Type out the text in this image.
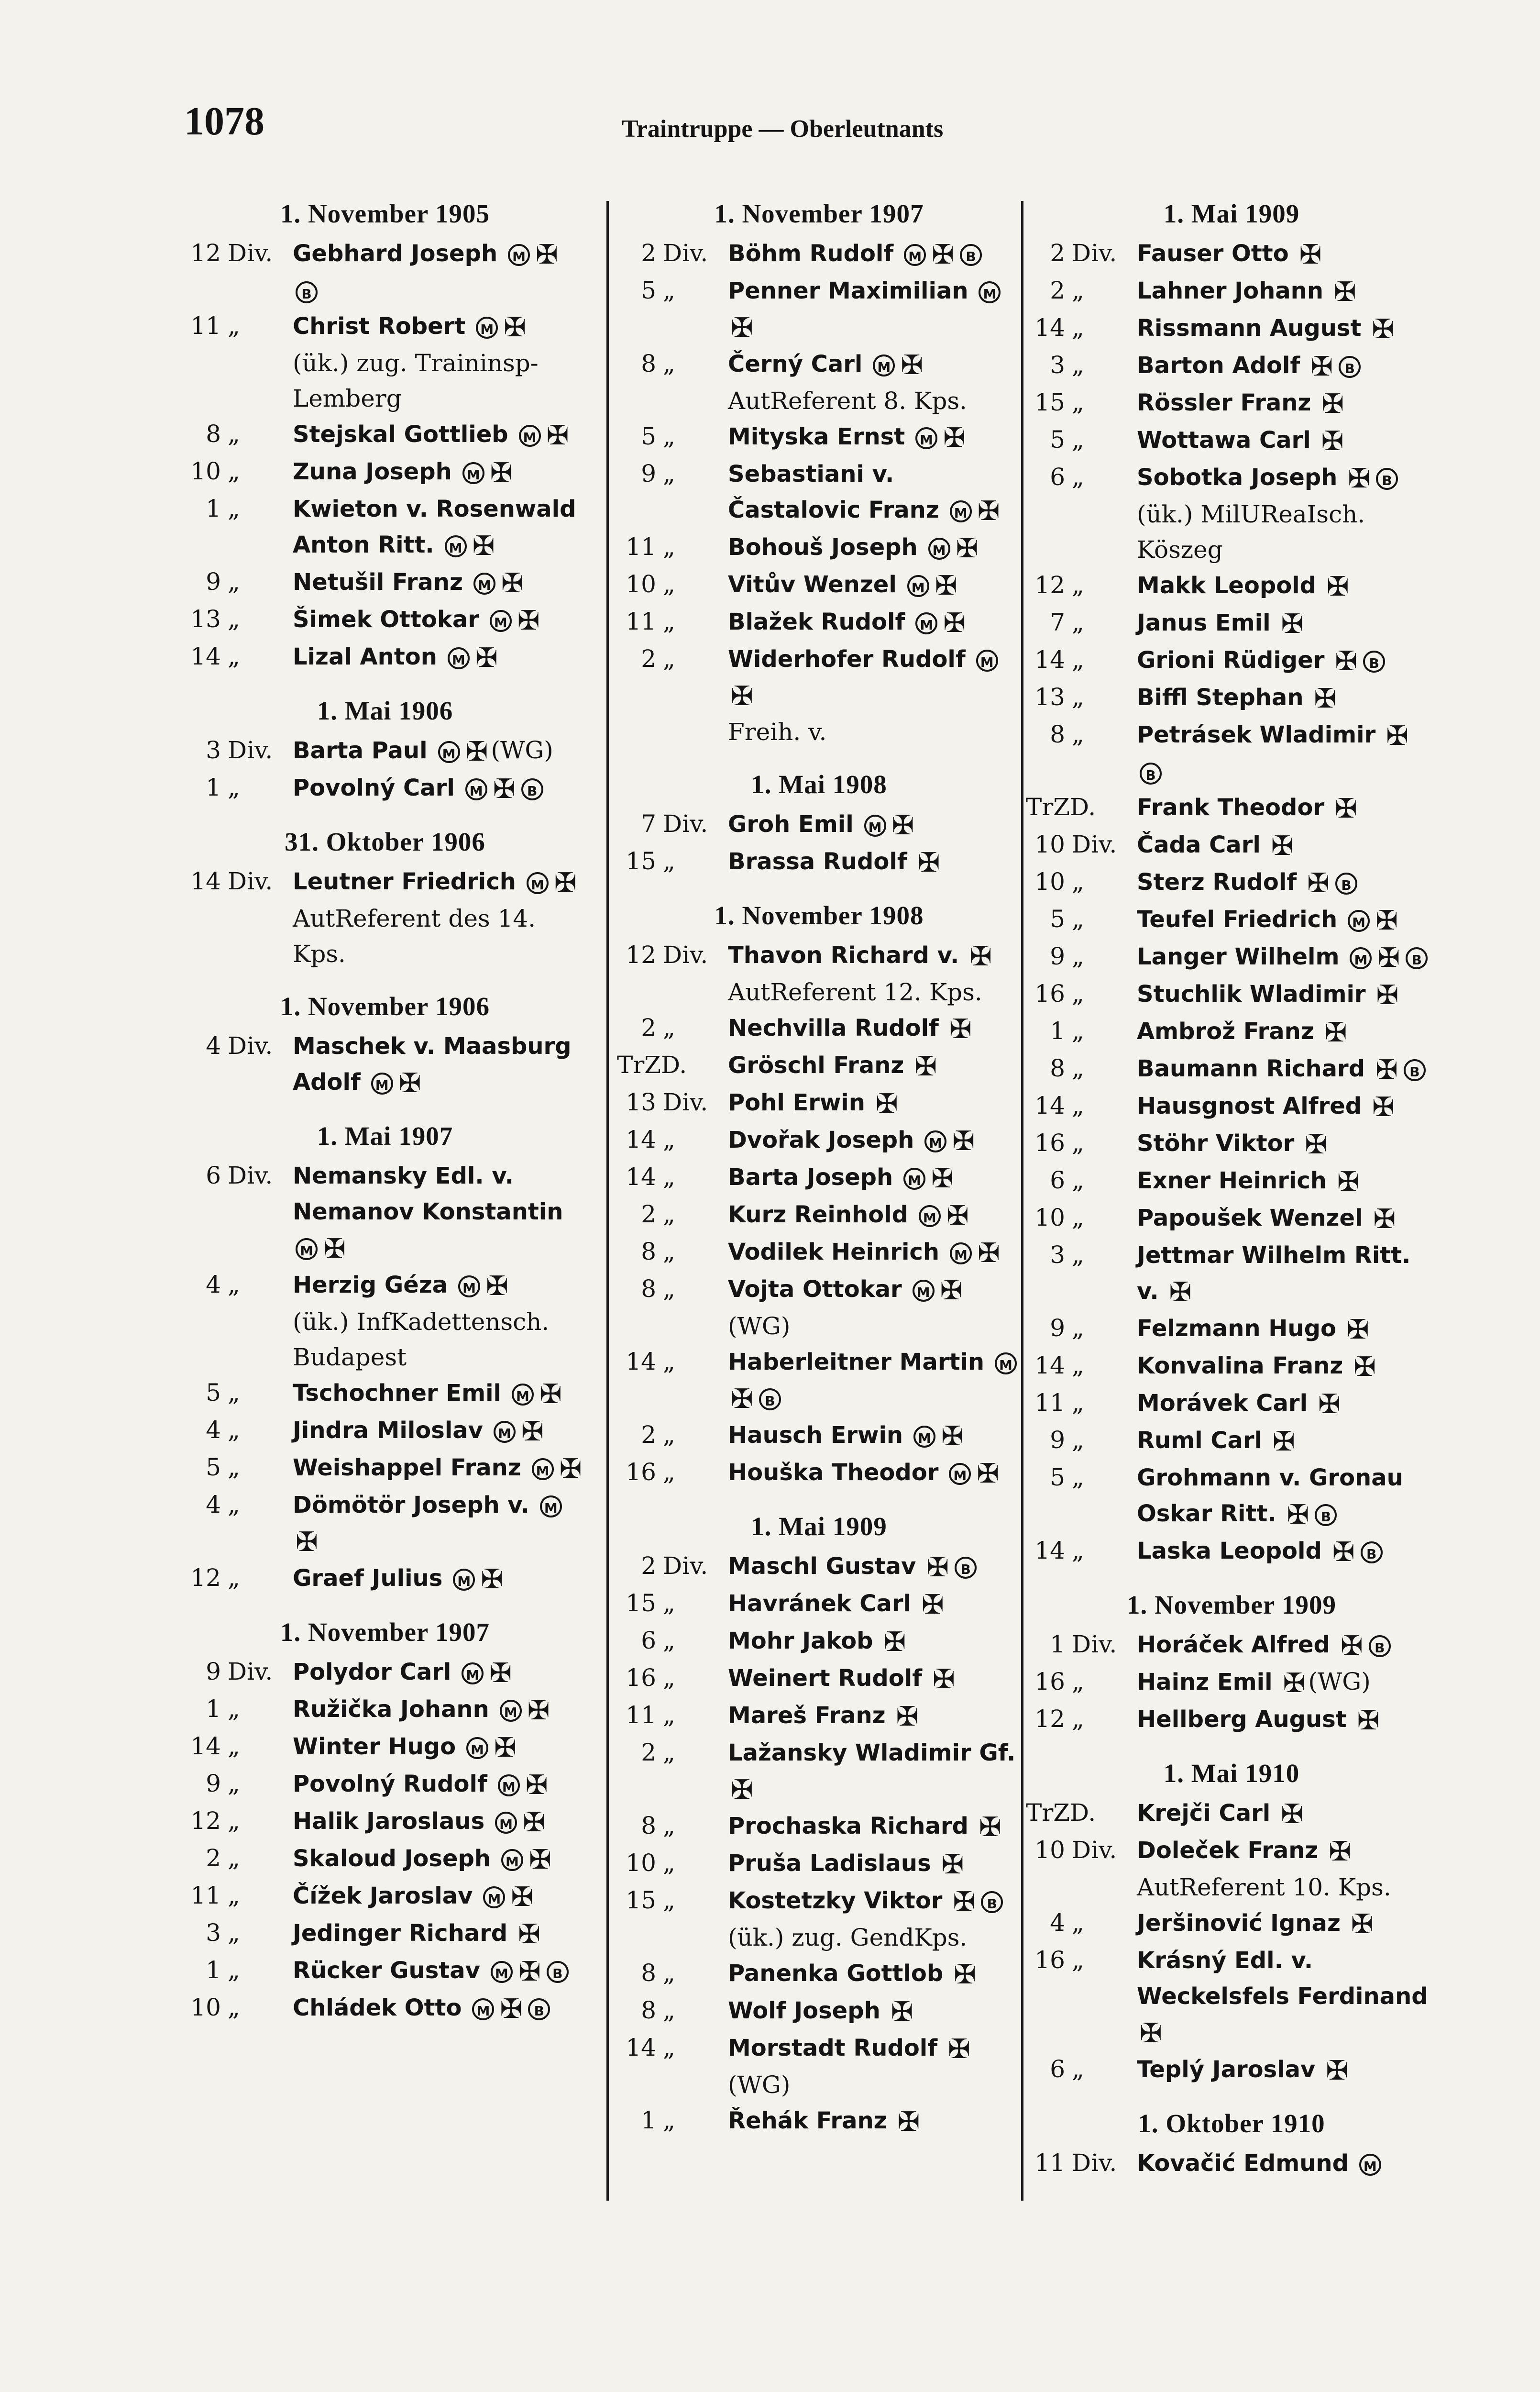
1078	Traintruppe — Oberleutnants
1. November 1905
12 Div. Gebhard Joseph M ✠B
11 „ Christ Robert M ✠
(ük.) zug. Traininsp-Lemberg
8 „ Stejskal Gottlieb M ✠
10 „ Zuna Joseph M ✠
1 „ Kwieton v. Rosenwald Anton Ritt. M ✠
9 „ Netušil Franz M ✠
13 „ Šimek Ottokar M ✠
14 „ Lizal Anton M ✠
1. Mai 1906
3 Div. Barta Paul M ✠ (WG)
1 „ Povolný Carl M ✠ B
31. Oktober 1906
14 Div. Leutner Friedrich M ✠
AutReferent des 14. Kps.
1. November 1906
4 Div. Maschek v. Maasburg Adolf M ✠
1. Mai 1907
6 Div. Nemansky Edl. v. Nemanov Konstantin M ✠
4 „ Herzig Géza M ✠
(ük.) InfKadettensch. Budapest
5 „ Tschochner Emil M ✠
4 „ Jindra Miloslav M ✠
5 „ Weishappel Franz M ✠
4 „ Dömötör Joseph v. M✠
12 „ Graef Julius M ✠
1. November 1907
9 Div. Polydor Carl M ✠
1 „ Ružička Johann M ✠
14 „ Winter Hugo M ✠
9 „ Povolný Rudolf M ✠
12 „ Halik Jaroslaus M ✠
2 „ Skaloud Joseph M ✠
11 „ Čížek Jaroslav M ✠
3 „ Jedinger Richard ✠
1 „ Rücker Gustav M ✠ B
10 „ Chládek Otto M ✠ B
1. November 1907
2 Div. Böhm Rudolf M ✠ B
5 „ Penner Maximilian M✠
8 „ Černý Carl M ✠
AutReferent 8. Kps.
5 „ Mityska Ernst M ✠
9 „ Sebastiani v. Častalovic Franz M ✠
11 „ Bohouš Joseph M ✠
10 „ Vitův Wenzel M ✠
11 „ Blažek Rudolf M ✠
2 „ Widerhofer Rudolf M✠
Freih. v.
1. Mai 1908
7 Div. Groh Emil M ✠
15 „ Brassa Rudolf ✠
1. November 1908
12 Div. Thavon Richard v. ✠
AutReferent 12. Kps.
2 „ Nechvilla Rudolf ✠
TrZD. Gröschl Franz ✠
13 Div. Pohl Erwin ✠
14 „ Dvořak Joseph M ✠
14 „ Barta Joseph M ✠
2 „ Kurz Reinhold M ✠
8 „ Vodilek Heinrich M ✠
8 „ Vojta Ottokar M ✠(WG)
14 „ Haberleitner Martin M✠ B
2 „ Hausch Erwin M ✠
16 „ Houška Theodor M ✠
1. Mai 1909
2 Div. Maschl Gustav ✠ B
15 „ Havránek Carl ✠
6 „ Mohr Jakob ✠
16 „ Weinert Rudolf ✠
11 „ Mareš Franz ✠
2 „ Lažansky Wladimir Gf. ✠
8 „ Prochaska Richard ✠
10 „ Pruša Ladislaus ✠
15 „ Kostetzky Viktor ✠ B
(ük.) zug. GendKps.
8 „ Panenka Gottlob ✠
8 „ Wolf Joseph ✠
14 „ Morstadt Rudolf ✠(WG)
1 „ Řehák Franz ✠
1. Mai 1909
2 Div. Fauser Otto ✠
2 „ Lahner Johann ✠
14 „ Rissmann August ✠
3 „ Barton Adolf ✠ B
15 „ Rössler Franz ✠
5 „ Wottawa Carl ✠
6 „ Sobotka Joseph ✠ B
(ük.) MilUReaIsch. Köszeg
12 „ Makk Leopold ✠
7 „ Janus Emil ✠
14 „ Grioni Rüdiger ✠ B
13 „ Biffl Stephan ✠
8 „ Petrásek Wladimir ✠B
TrZD. Frank Theodor ✠
10 Div. Čada Carl ✠
10 „ Sterz Rudolf ✠ B
5 „ Teufel Friedrich M ✠
9 „ Langer Wilhelm M ✠ B
16 „ Stuchlik Wladimir ✠
1 „ Ambrož Franz ✠
8 „ Baumann Richard ✠ B
14 „ Hausgnost Alfred ✠
16 „ Stöhr Viktor ✠
6 „ Exner Heinrich ✠
10 „ Papoušek Wenzel ✠
3 „ Jettmar Wilhelm Ritt. v. ✠
9 „ Felzmann Hugo ✠
14 „ Konvalina Franz ✠
11 „ Morávek Carl ✠
9 „ Ruml Carl ✠
5 „ Grohmann v. Gronau Oskar Ritt. ✠ B
14 „ Laska Leopold ✠ B
1. November 1909
1 Div. Horáček Alfred ✠ B
16 „ Hainz Emil ✠ (WG)
12 „ Hellberg August ✠
1. Mai 1910
TrZD. Krejči Carl ✠
10 Div. Doleček Franz ✠
AutReferent 10. Kps.
4 „ Jeršinović Ignaz ✠
16 „ Krásný Edl. v. Weckelsfels Ferdinand ✠
6 „ Teplý Jaroslav ✠
1. Oktober 1910
11 Div. Kovačić Edmund M
